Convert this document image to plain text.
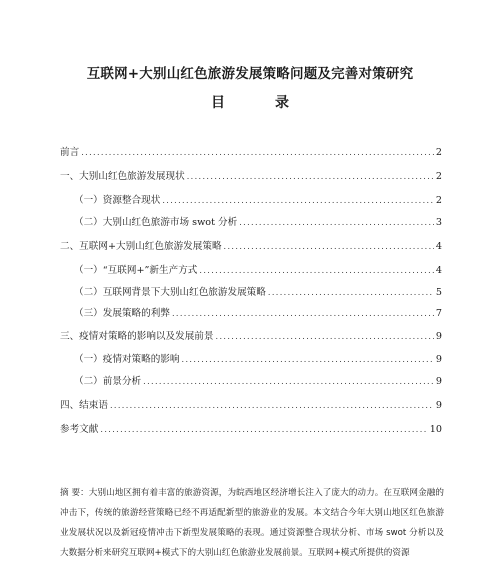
互联网+大别山红色旅游发展策略问题及完善对策研究
目　录
前言 .....	2
一、大别山红色旅游发展现状 .....	2
（一）资源整合现状 .....	2
（二）大别山红色旅游市场 swot 分析 .....	3
二、互联网+大别山红色旅游发展策略 .....	4
（一）“互联网+”新生产方式 .....	4
（二）互联网背景下大别山红色旅游发展策略 .....	5
（三）发展策略的利弊 .....	7
三、疫情对策略的影响以及发展前景 .....	9
（一）疫情对策略的影响 .....	9
（二）前景分析 .....	9
四、结束语 .....	9
参考文献 .....	10
摘 要：大别山地区拥有着丰富的旅游资源，为皖西地区经济增长注入了庞大的动力。在互联网金融的冲击下，传统的旅游经营策略已经不再适配新型的旅游业的发展。本文结合今年大别山地区红色旅游业发展状况以及新冠疫情冲击下新型发展策略的表现。通过资源整合现状分析、市场 swot 分析以及大数据分析来研究互联网+模式下的大别山红色旅游业发展前景。互联网+模式所提供的资源
